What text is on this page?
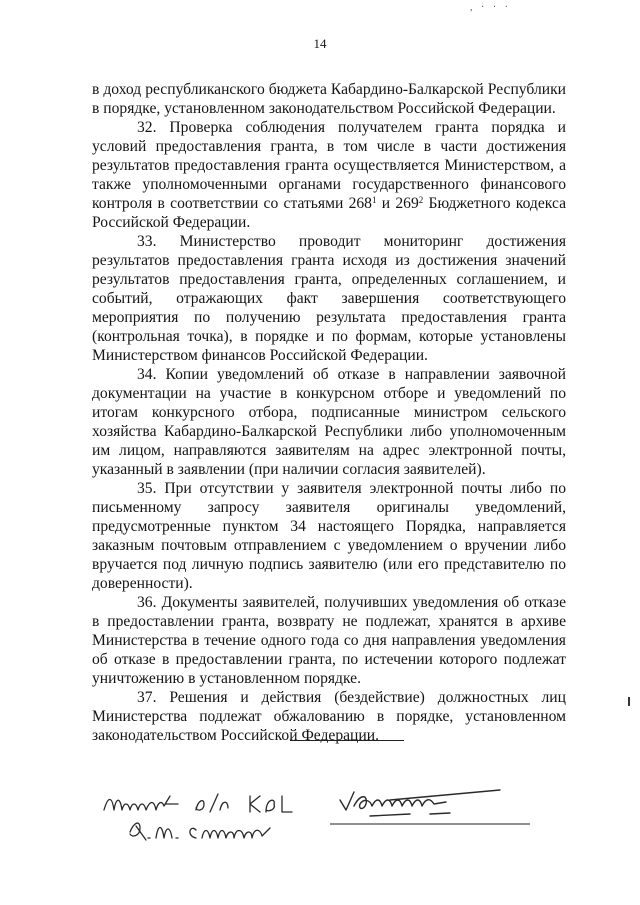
, · · ·
14

в доход республиканского бюджета Кабардино-Балкарской Республики в порядке, установленном законодательством Российской Федерации.

32. Проверка соблюдения получателем гранта порядка и условий предоставления гранта, в том числе в части достижения результатов предоставления гранта осуществляется Министерством, а также уполномоченными органами государственного финансового контроля в соответствии со статьями $268^1$ и $269^2$ Бюджетного кодекса Российской Федерации.

33. Министерство проводит мониторинг достижения результатов предоставления гранта исходя из достижения значений результатов предоставления гранта, определенных соглашением, и событий, отражающих факт завершения соответствующего мероприятия по получению результата предоставления гранта (контрольная точка), в порядке и по формам, которые установлены Министерством финансов Российской Федерации.

34. Копии уведомлений об отказе в направлении заявочной документации на участие в конкурсном отборе и уведомлений по итогам конкурсного отбора, подписанные министром сельского хозяйства Кабардино-Балкарской Республики либо уполномоченным им лицом, направляются заявителям на адрес электронной почты, указанный в заявлении (при наличии согласия заявителей).

35. При отсутствии у заявителя электронной почты либо по письменному запросу заявителя оригиналы уведомлений, предусмотренные пунктом 34 настоящего Порядка, направляется заказным почтовым отправлением с уведомлением о вручении либо вручается под личную подпись заявителю (или его представителю по доверенности).

36. Документы заявителей, получивших уведомления об отказе в предоставлении гранта, возврату не подлежат, хранятся в архиве Министерства в течение одного года со дня направления уведомления об отказе в предоставлении гранта, по истечении которого подлежат уничтожению в установленном порядке.

37. Решения и действия (бездействие) должностных лиц Министерства подлежат обжалованию в порядке, установленном законодательством Российской Федерации.
